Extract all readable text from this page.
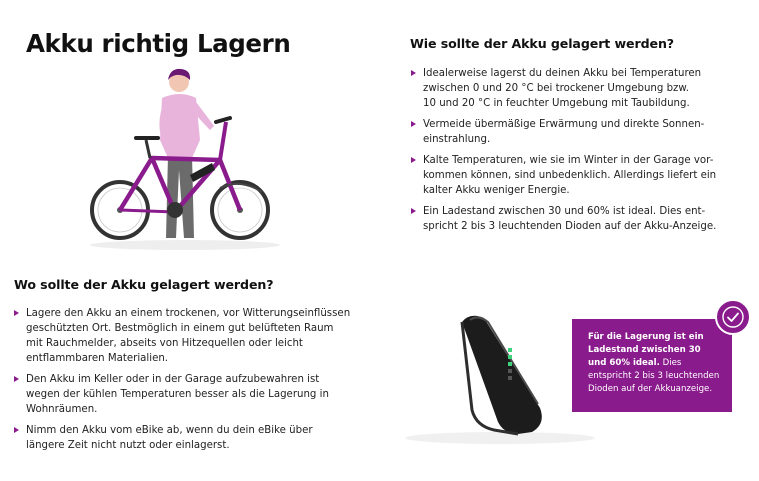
Akku richtig Lagern	Wie sollte der Akku gelagert werden?
Idealerweise lagerst du deinen Akku bei Temperaturen
zwischen 0 und 20 °C bei trockener Umgebung bzw.
10 und 20 °C in feuchter Umgebung mit Taubildung.
Vermeide übermäßige Erwärmung und direkte Sonnen-
einstrahlung.
Kalte Temperaturen, wie sie im Winter in der Garage vor-
kommen können, sind unbedenklich. Allerdings liefert ein
kalter Akku weniger Energie.
Ein Ladestand zwischen 30 und 60% ist ideal. Dies ent-
spricht 2 bis 3 leuchtenden Dioden auf der Akku-Anzeige.
Wo sollte der Akku gelagert werden?
Lagere den Akku an einem trockenen, vor Witterungseinflüssen
geschützten Ort. Bestmöglich in einem gut belüfteten Raum
mit Rauchmelder, abseits von Hitzequellen oder leicht
entflammbaren Materialien.
Den Akku im Keller oder in der Garage aufzubewahren ist
wegen der kühlen Temperaturen besser als die Lagerung in
Wohnräumen.
Nimm den Akku vom eBike ab, wenn du dein eBike über
längere Zeit nicht nutzt oder einlagerst.
Für die Lagerung ist ein Ladestand zwischen 30 und 60% ideal. Dies entspricht 2 bis 3 leuchtenden Dioden auf der Akkuanzeige.
